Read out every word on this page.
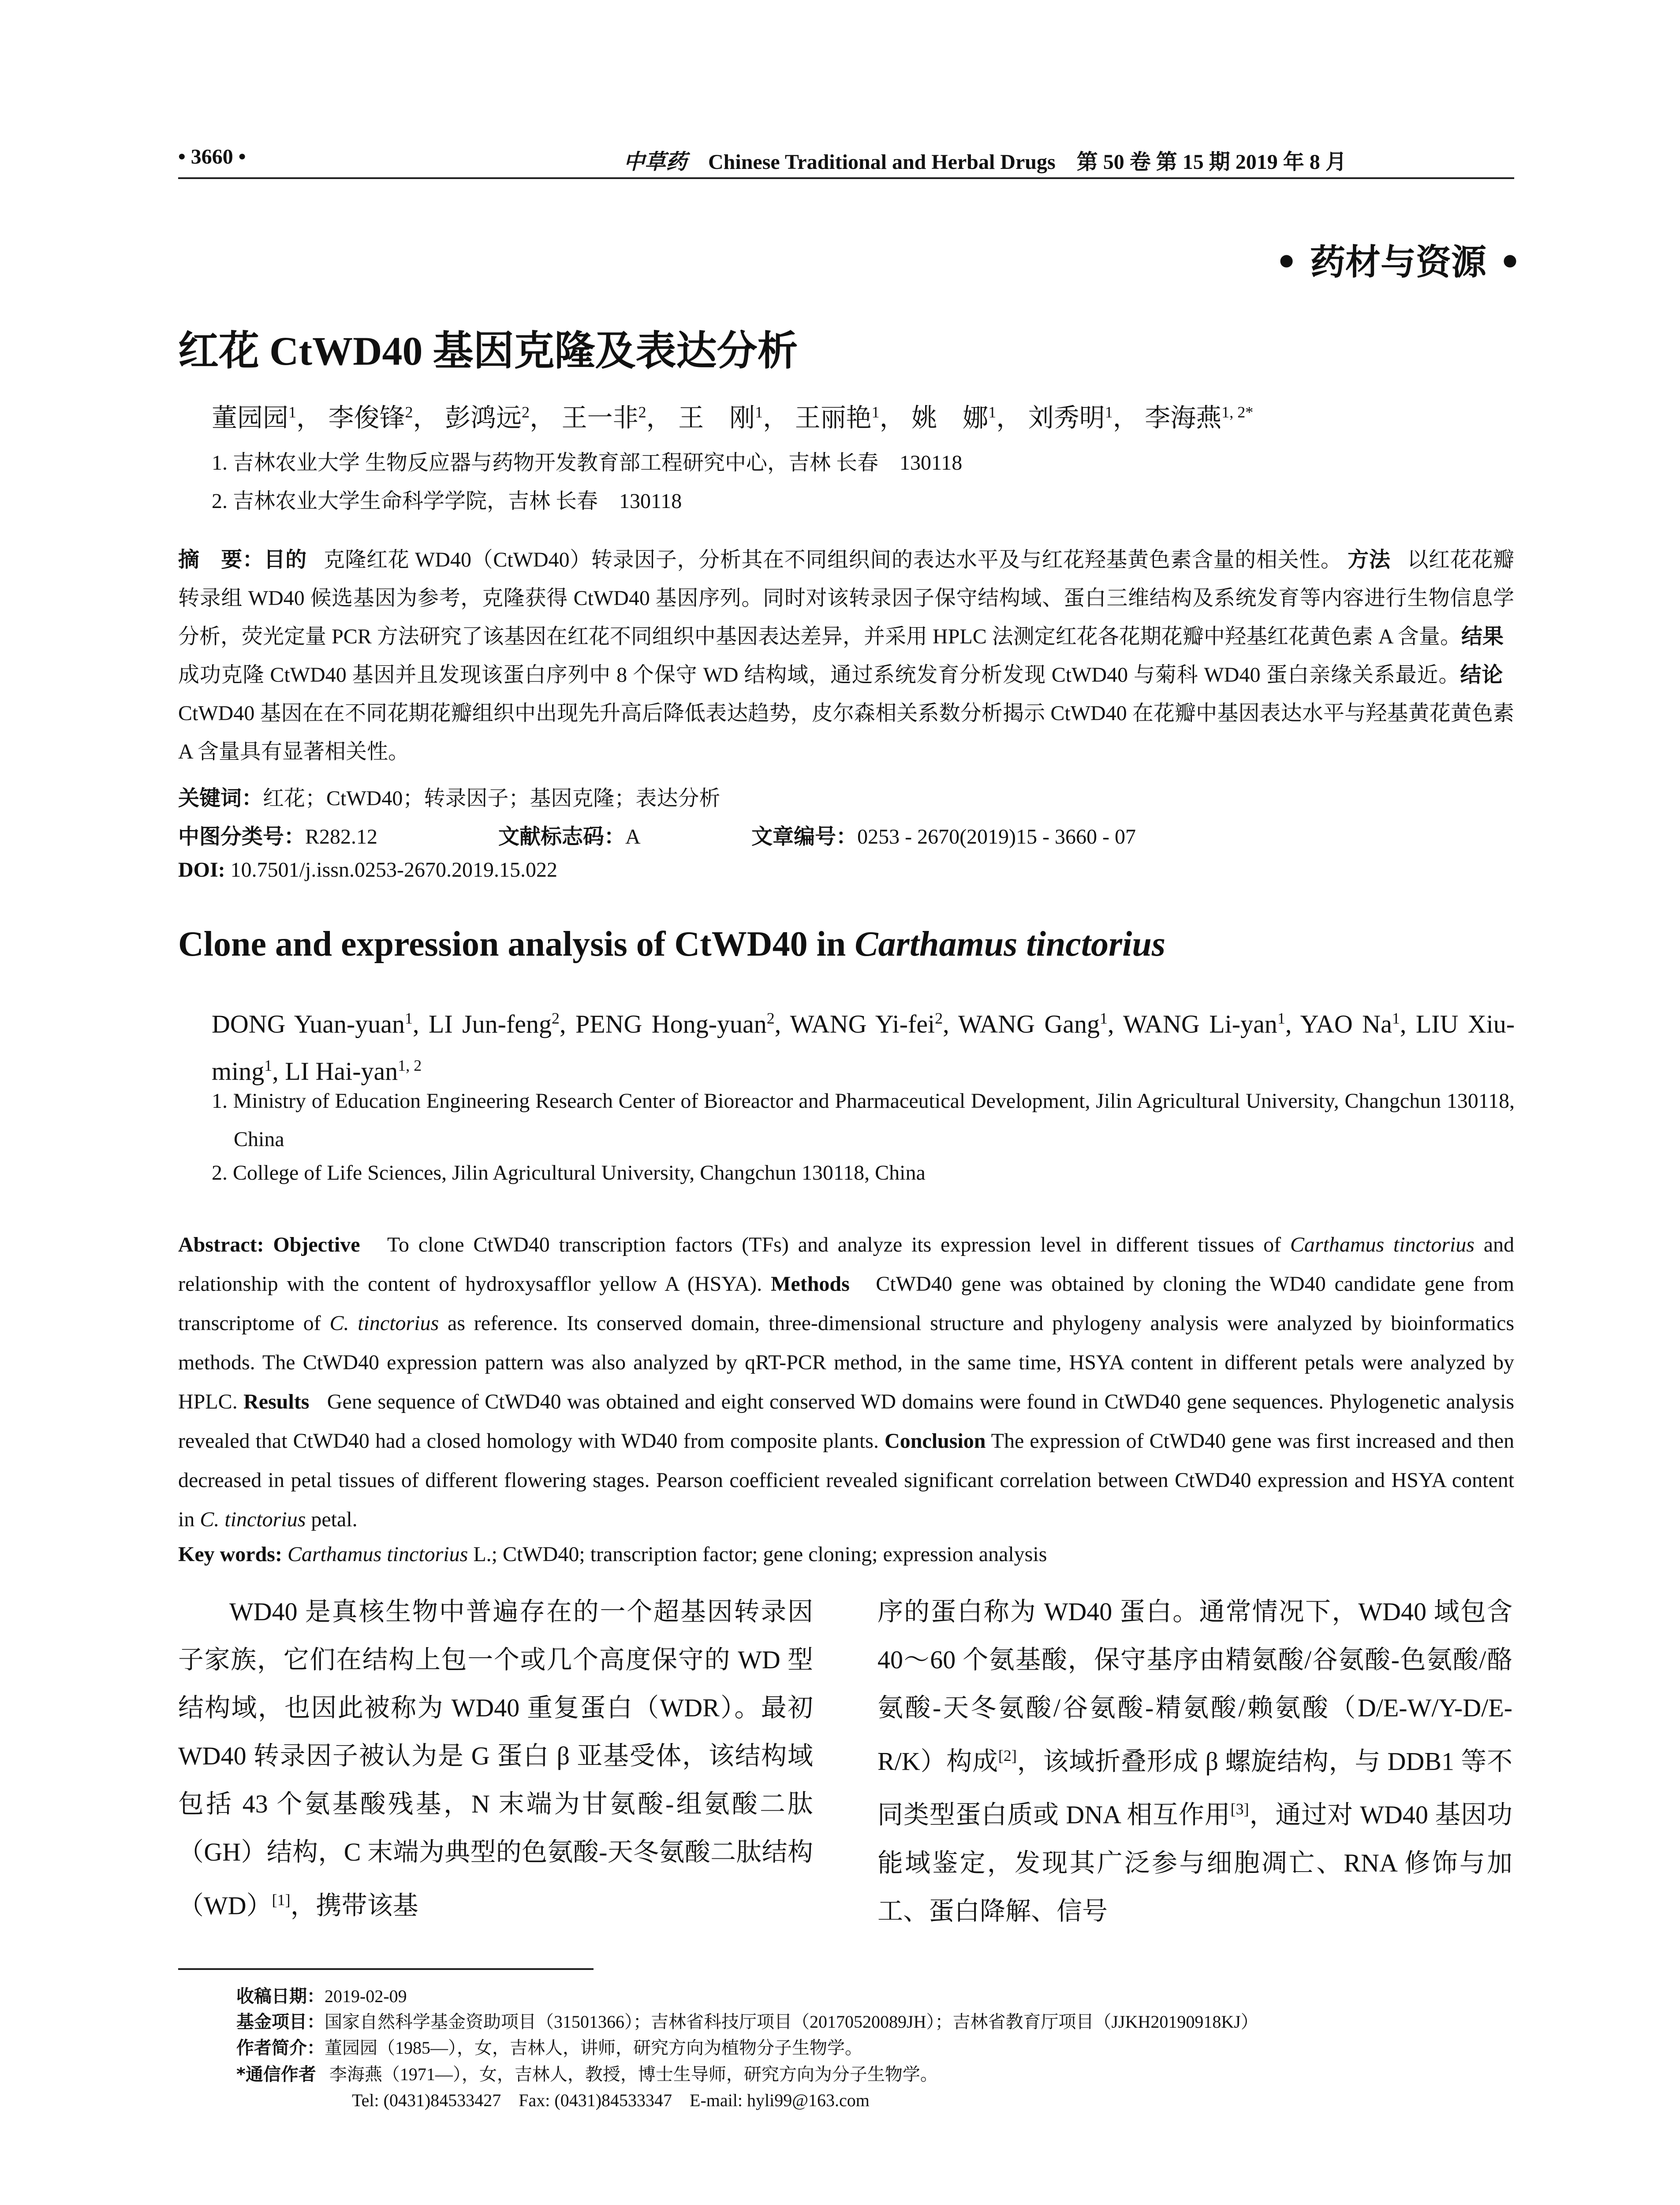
• 3660 •	中草药 Chinese Traditional and Herbal Drugs 第 50 卷 第 15 期 2019 年 8 月
• 药材与资源 •
红花 CtWD40 基因克隆及表达分析
董园园$^1$， 李俊锋$^2$， 彭鸿远$^2$， 王一非$^2$， 王　刚$^1$， 王丽艳$^1$， 姚　娜$^1$， 刘秀明$^1$， 李海燕$^{1, 2*}$
1. 吉林农业大学 生物反应器与药物开发教育部工程研究中心，吉林 长春　130118
2. 吉林农业大学生命科学学院，吉林 长春　130118
摘　要：目的 克隆红花 WD40（CtWD40）转录因子，分析其在不同组织间的表达水平及与红花羟基黄色素含量的相关性。 方法 以红花花瓣转录组 WD40 候选基因为参考，克隆获得 CtWD40 基因序列。同时对该转录因子保守结构域、蛋白三维结构及系统发育等内容进行生物信息学分析，荧光定量 PCR 方法研究了该基因在红花不同组织中基因表达差异，并采用 HPLC 法测定红花各花期花瓣中羟基红花黄色素 A 含量。结果   成功克隆 CtWD40 基因并且发现该蛋白序列中 8 个保守 WD 结构域，通过系统发育分析发现 CtWD40 与菊科 WD40 蛋白亲缘关系最近。结论   CtWD40 基因在在不同花期花瓣组织中出现先升高后降低表达趋势，皮尔森相关系数分析揭示 CtWD40 在花瓣中基因表达水平与羟基黄花黄色素 A 含量具有显著相关性。
关键词：红花；CtWD40；转录因子；基因克隆；表达分析
中图分类号：R282.12	文献标志码：A	文章编号：0253 - 2670(2019)15 - 3660 - 07
DOI: 10.7501/j.issn.0253-2670.2019.15.022
Clone and expression analysis of CtWD40 in Carthamus tinctorius
DONG Yuan-yuan$^1$, LI Jun-feng$^2$, PENG Hong-yuan$^2$, WANG Yi-fei$^2$, WANG Gang$^1$, WANG Li-yan$^1$, YAO Na$^1$, LIU Xiu-ming$^1$, LI Hai-yan$^{1, 2}$
1. Ministry of Education Engineering Research Center of Bioreactor and Pharmaceutical Development, Jilin Agricultural University, Changchun 130118, China
2. College of Life Sciences, Jilin Agricultural University, Changchun 130118, China
Abstract: Objective To clone CtWD40 transcription factors (TFs) and analyze its expression level in different tissues of Carthamus tinctorius and relationship with the content of hydroxysafflor yellow A (HSYA). Methods CtWD40 gene was obtained by cloning the WD40 candidate gene from transcriptome of C. tinctorius as reference. Its conserved domain, three-dimensional structure and phylogeny analysis were analyzed by bioinformatics methods. The CtWD40 expression pattern was also analyzed by qRT-PCR method, in the same time, HSYA content in different petals were analyzed by HPLC. Results Gene sequence of CtWD40 was obtained and eight conserved WD domains were found in CtWD40 gene sequences. Phylogenetic analysis revealed that CtWD40 had a closed homology with WD40 from composite plants. Conclusion The expression of CtWD40 gene was first increased and then decreased in petal tissues of different flowering stages. Pearson coefficient revealed significant correlation between CtWD40 expression and HSYA content in C. tinctorius petal.
Key words: Carthamus tinctorius L.; CtWD40; transcription factor; gene cloning; expression analysis
WD40 是真核生物中普遍存在的一个超基因转录因子家族，它们在结构上包一个或几个高度保守的 WD 型结构域，也因此被称为 WD40 重复蛋白（WDR）。最初 WD40 转录因子被认为是 G 蛋白 β 亚基受体，该结构域包括 43 个氨基酸残基，N 末端为甘氨酸-组氨酸二肽（GH）结构，C 末端为典型的色氨酸-天冬氨酸二肽结构（WD）[1]，携带该基
序的蛋白称为 WD40 蛋白。通常情况下，WD40 域包含 40～60 个氨基酸，保守基序由精氨酸/谷氨酸-色氨酸/酪氨酸-天冬氨酸/谷氨酸-精氨酸/赖氨酸（D/E-W/Y-D/E-R/K）构成[2]，该域折叠形成 β 螺旋结构，与 DDB1 等不同类型蛋白质或 DNA 相互作用[3]，通过对 WD40 基因功能域鉴定，发现其广泛参与细胞凋亡、RNA 修饰与加工、蛋白降解、信号
收稿日期：2019-02-09
基金项目：国家自然科学基金资助项目（31501366）；吉林省科技厅项目（20170520089JH）；吉林省教育厅项目（JJKH20190918KJ）
作者简介：董园园（1985—），女，吉林人，讲师，研究方向为植物分子生物学。
*通信作者 李海燕（1971—），女，吉林人，教授，博士生导师，研究方向为分子生物学。
Tel: (0431)84533427　Fax: (0431)84533347　E-mail: hyli99@163.com
